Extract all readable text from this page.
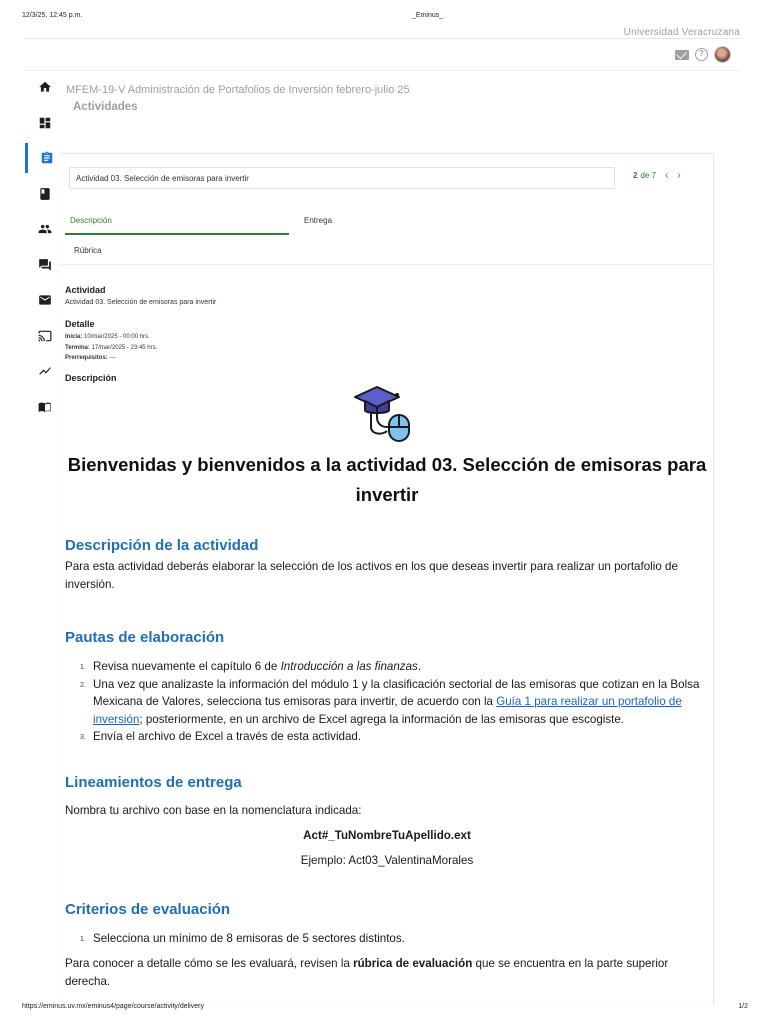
12/3/25, 12:45 p.m.	_Eminus_
Universidad Veracruzana
?
MFEM-19-V Administración de Portafolios de Inversión febrero-julio 25
Actividades
Actividad 03. Selección de emisoras para invertir	2 de 7 ‹ ›
Descripción	Entrega
Rúbrica
Actividad
Actividad 03. Selección de emisoras para invertir
Detalle
Inicia: 10/mar/2025 - 00:00 hrs.
Termina: 17/mar/2025 - 23:45 hrs.
Prerrequisitos: ---
Descripción
Bienvenidas y bienvenidos a la actividad 03. Selección de emisoras para invertir
Descripción de la actividad
Para esta actividad deberás elaborar la selección de los activos en los que deseas invertir para realizar un portafolio de inversión.
Pautas de elaboración
1. Revisa nuevamente el capítulo 6 de Introducción a las finanzas.
2. Una vez que analizaste la información del módulo 1 y la clasificación sectorial de las emisoras que cotizan en la Bolsa Mexicana de Valores, selecciona tus emisoras para invertir, de acuerdo con la Guía 1 para realizar un portafolio de inversión; posteriormente, en un archivo de Excel agrega la información de las emisoras que escogiste.
3. Envía el archivo de Excel a través de esta actividad.
Lineamientos de entrega
Nombra tu archivo con base en la nomenclatura indicada:
Act#_TuNombreTuApellido.ext
Ejemplo: Act03_ValentinaMorales
Criterios de evaluación
1. Selecciona un mínimo de 8 emisoras de 5 sectores distintos.
Para conocer a detalle cómo se les evaluará, revisen la rúbrica de evaluación que se encuentra en la parte superior derecha.
https://eminus.uv.mx/eminus4/page/course/activity/delivery	1/2
